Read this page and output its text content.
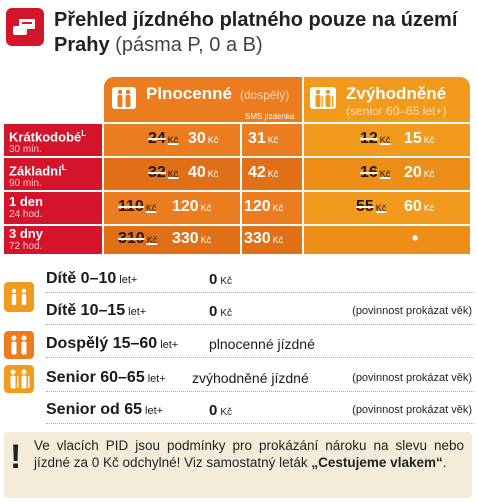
Přehled jízdného platného pouze na území Prahy (pásma P, 0 a B)
Plnocenné (dospělý)
SMS jízdenka
Zvýhodněné
(senior 60–65 let+)
Krátkodobé$^L$
30 min.
24 Kč 30 Kč 31 Kč	12 Kč 15 Kč
Základní$^L$
90 min.
32 Kč 40 Kč 42 Kč	16 Kč 20 Kč
1 den
24 hod.	110 Kč 120 Kč 120 Kč	55 Kč 60 Kč
3 dny
72 hod.	310 Kč 330 Kč 330 Kč	•
Dítě 0–10 let+	0 Kč
Dítě 10–15 let+	0 Kč	(povinnost prokázat věk)
Dospělý 15–60 let+ plnocenné jízdné
Senior 60–65 let+ zvýhodněné jízdné	(povinnost prokázat věk)
Senior od 65 let+	0 Kč	(povinnost prokázat věk)
! Ve vlacích PID jsou podmínky pro prokázání nároku na slevu nebo jízdné za 0 Kč odchylné! Viz samostatný leták „Cestujeme vlakem“.
